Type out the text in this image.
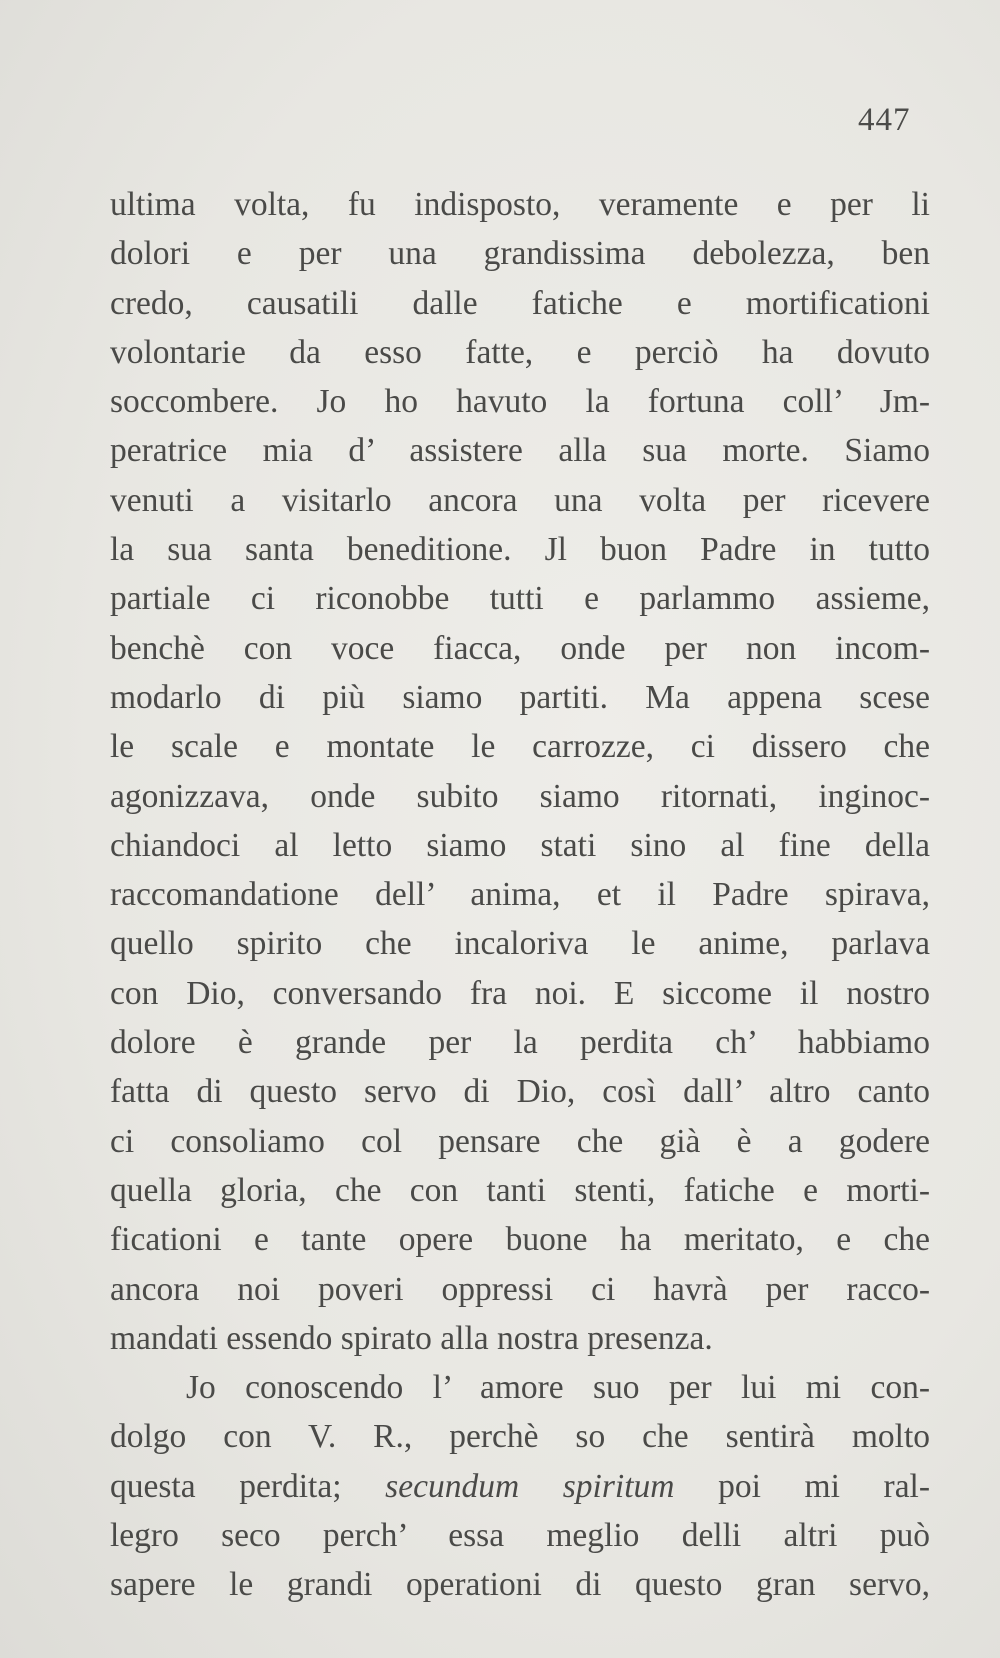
447
ultima volta, fu indisposto, veramente e per li
dolori e per una grandissima debolezza, ben
credo, causatili dalle fatiche e mortificationi
volontarie da esso fatte, e perciò ha dovuto
soccombere. Jo ho havuto la fortuna coll’ Jm-
peratrice mia d’ assistere alla sua morte. Siamo
venuti a visitarlo ancora una volta per ricevere
la sua santa beneditione. Jl buon Padre in tutto
partiale ci riconobbe tutti e parlammo assieme,
benchè con voce fiacca, onde per non incom-
modarlo di più siamo partiti. Ma appena scese
le scale e montate le carrozze, ci dissero che
agonizzava, onde subito siamo ritornati, inginoc-
chiandoci al letto siamo stati sino al fine della
raccomandatione dell’ anima, et il Padre spirava,
quello spirito che incaloriva le anime, parlava
con Dio, conversando fra noi. E siccome il nostro
dolore è grande per la perdita ch’ habbiamo
fatta di questo servo di Dio, così dall’ altro canto
ci consoliamo col pensare che già è a godere
quella gloria, che con tanti stenti, fatiche e morti-
ficationi e tante opere buone ha meritato, e che
ancora noi poveri oppressi ci havrà per racco-
mandati essendo spirato alla nostra presenza.
Jo conoscendo l’ amore suo per lui mi con-
dolgo con V. R., perchè so che sentirà molto
questa perdita; secundum spiritum poi mi ral-
legro seco perch’ essa meglio delli altri può
sapere le grandi operationi di questo gran servo,
